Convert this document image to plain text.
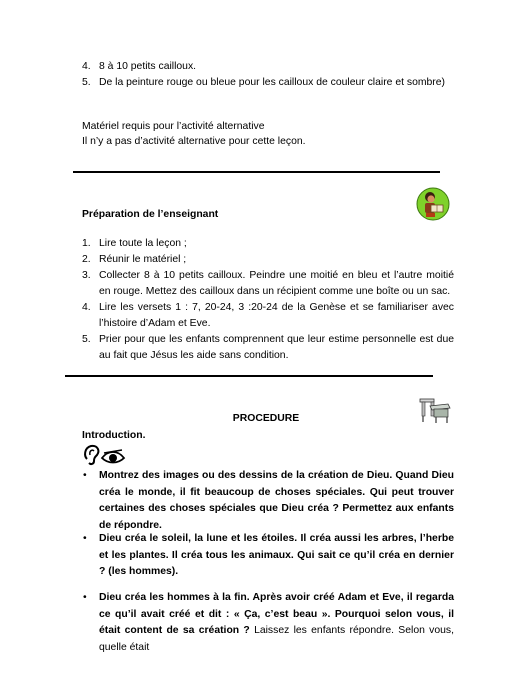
4. 8 à 10 petits cailloux.
5. De la peinture rouge ou bleue pour les cailloux de couleur claire et sombre)
Matériel requis pour l’activité alternative
Il n’y a pas d’activité alternative pour cette leçon.
Préparation de l’enseignant
1. Lire toute la leçon ;
2. Réunir le matériel ;
3. Collecter 8 à 10 petits cailloux. Peindre une moitié en bleu et l’autre moitié en rouge. Mettez des cailloux dans un récipient comme une boîte ou un sac.
4. Lire les versets 1 : 7, 20-24, 3 :20-24 de la Genèse et se familiariser avec l’histoire d’Adam et Eve.
5. Prier pour que les enfants comprennent que leur estime personnelle est due au fait que Jésus les aide sans condition.
PROCEDURE
Introduction.
• Montrez des images ou des dessins de la création de Dieu. Quand Dieu créa le monde, il fit beaucoup de choses spéciales. Qui peut trouver certaines des choses spéciales que Dieu créa ? Permettez aux enfants de répondre.
• Dieu créa le soleil, la lune et les étoiles. Il créa aussi les arbres, l’herbe et les plantes. Il créa tous les animaux. Qui sait ce qu’il créa en dernier ? (les hommes).
• Dieu créa les hommes à la fin. Après avoir créé Adam et Eve, il regarda ce qu’il avait créé et dit : « Ça, c’est beau ». Pourquoi selon vous, il était content de sa création ? Laissez les enfants répondre. Selon vous, quelle était
